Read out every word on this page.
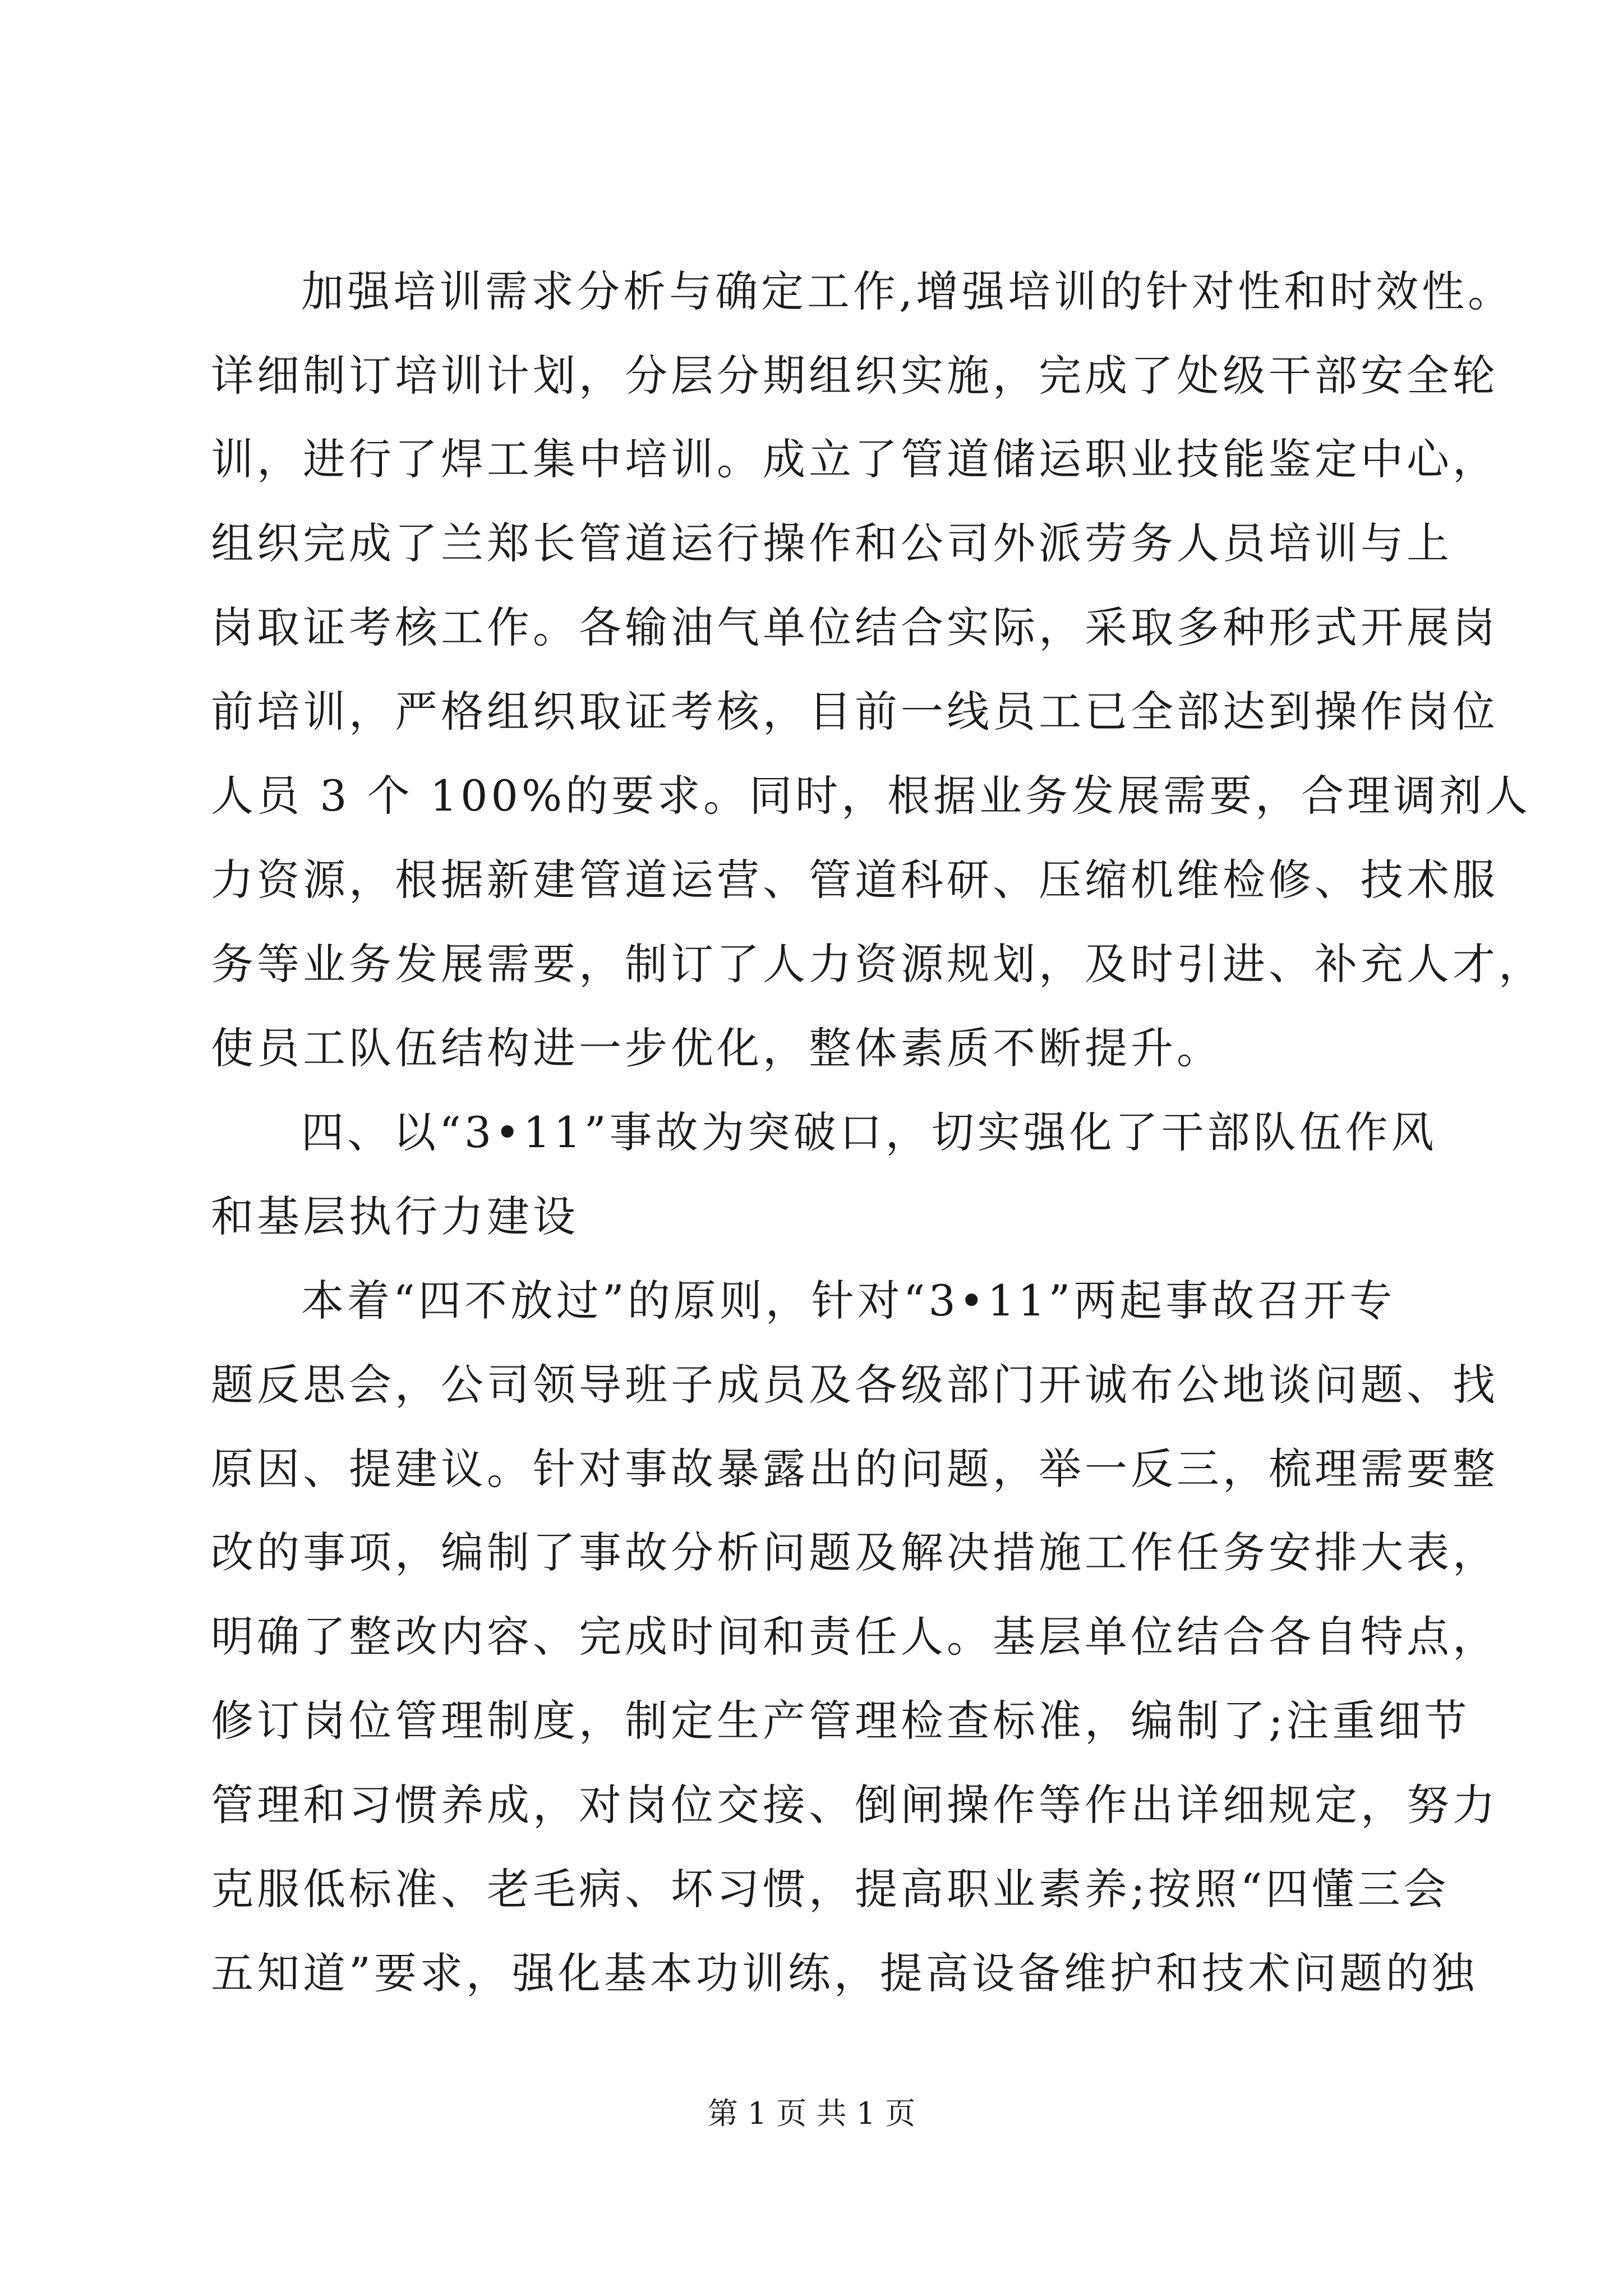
加强培训需求分析与确定工作,增强培训的针对性和时效性。
详细制订培训计划，分层分期组织实施，完成了处级干部安全轮
训，进行了焊工集中培训。成立了管道储运职业技能鉴定中心，
组织完成了兰郑长管道运行操作和公司外派劳务人员培训与上
岗取证考核工作。各输油气单位结合实际，采取多种形式开展岗
前培训，严格组织取证考核，目前一线员工已全部达到操作岗位
人员 3 个 100%的要求。同时，根据业务发展需要，合理调剂人
力资源，根据新建管道运营、管道科研、压缩机维检修、技术服
务等业务发展需要，制订了人力资源规划，及时引进、补充人才，
使员工队伍结构进一步优化，整体素质不断提升。
四、以“3•11”事故为突破口，切实强化了干部队伍作风
和基层执行力建设
本着“四不放过”的原则，针对“3•11”两起事故召开专
题反思会，公司领导班子成员及各级部门开诚布公地谈问题、找
原因、提建议。针对事故暴露出的问题，举一反三，梳理需要整
改的事项，编制了事故分析问题及解决措施工作任务安排大表，
明确了整改内容、完成时间和责任人。基层单位结合各自特点，
修订岗位管理制度，制定生产管理检查标准，编制了;注重细节
管理和习惯养成，对岗位交接、倒闸操作等作出详细规定，努力
克服低标准、老毛病、坏习惯，提高职业素养;按照“四懂三会
五知道”要求，强化基本功训练，提高设备维护和技术问题的独
第 1 页 共 1 页
